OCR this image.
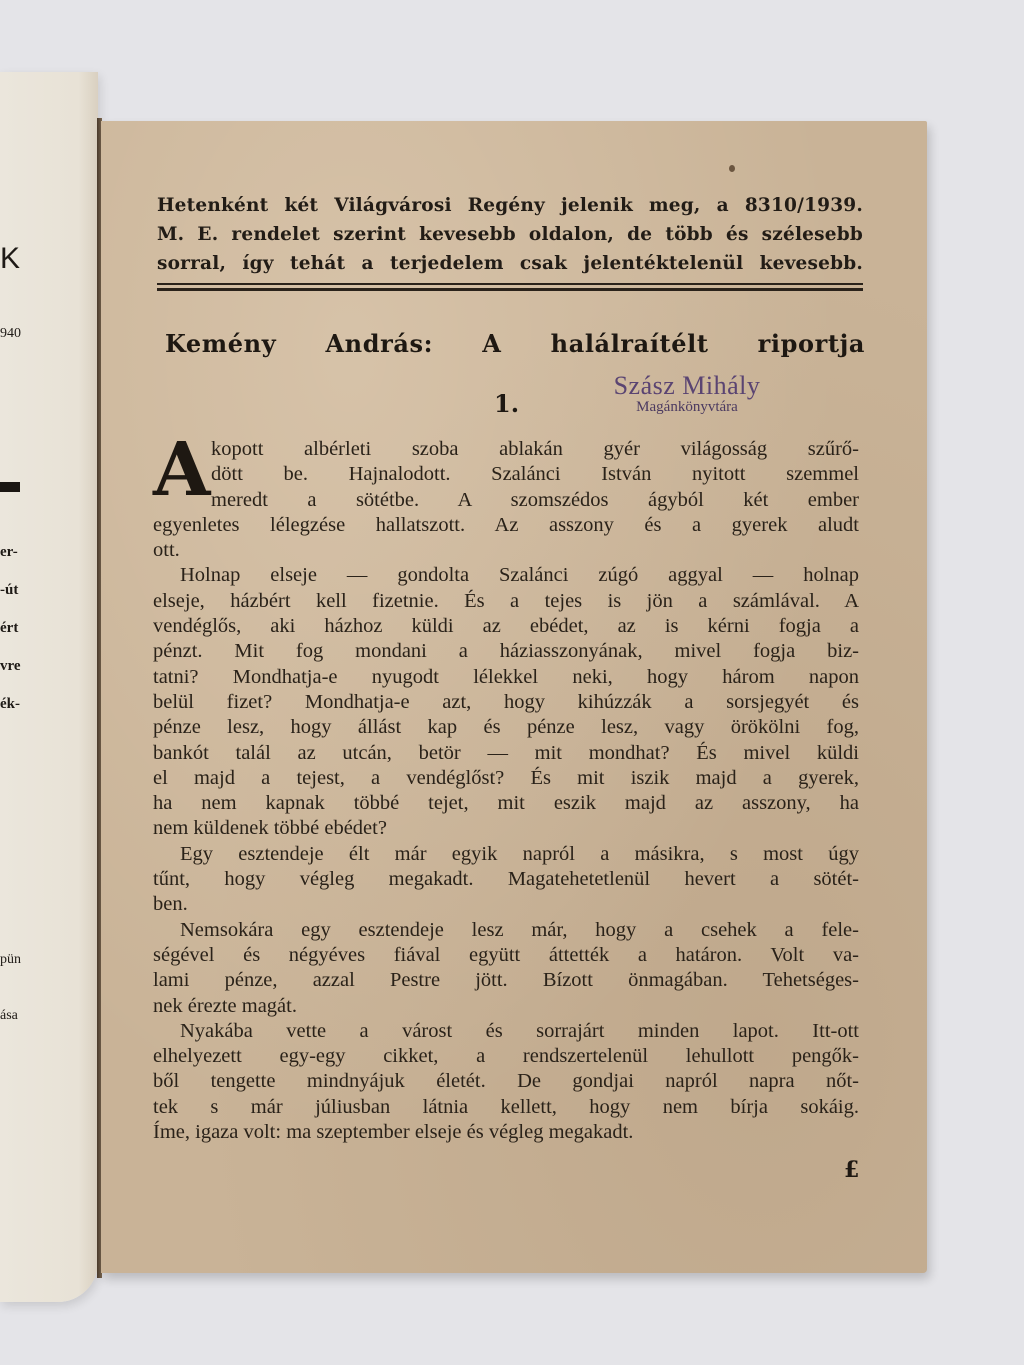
K
940
er-
-út
ért
vre
ék-
pün
ása
Hetenként két Világvárosi Regény jelenik meg, a 8310/1939.
M. E. rendelet szerint kevesebb oldalon, de több és szélesebb
sorral, így tehát a terjedelem csak jelentéktelenül kevesebb.
Kemény András: A halálraítélt riportja
1.
Szász Mihály
Magánkönyvtára
A kopott albérleti szoba ablakán gyér világosság szűrő-
dött be. Hajnalodott. Szalánci István nyitott szemmel
meredt a sötétbe. A szomszédos ágyból két ember
egyenletes lélegzése hallatszott. Az asszony és a gyerek aludt
ott.
Holnap elseje — gondolta Szalánci zúgó aggyal — holnap
elseje, házbért kell fizetnie. És a tejes is jön a számlával. A
vendéglős, aki házhoz küldi az ebédet, az is kérni fogja a
pénzt. Mit fog mondani a háziasszonyának, mivel fogja biz-
tatni? Mondhatja-e nyugodt lélekkel neki, hogy három napon
belül fizet? Mondhatja-e azt, hogy kihúzzák a sorsjegyét és
pénze lesz, hogy állást kap és pénze lesz, vagy örökölni fog,
bankót talál az utcán, betör — mit mondhat? És mivel küldi
el majd a tejest, a vendéglőst? És mit iszik majd a gyerek,
ha nem kapnak többé tejet, mit eszik majd az asszony, ha
nem küldenek többé ebédet?
Egy esztendeje élt már egyik napról a másikra, s most úgy
tűnt, hogy végleg megakadt. Magatehetetlenül hevert a sötét-
ben.
Nemsokára egy esztendeje lesz már, hogy a csehek a fele-
ségével és négyéves fiával együtt áttették a határon. Volt va-
lami pénze, azzal Pestre jött. Bízott önmagában. Tehetséges-
nek érezte magát.
Nyakába vette a várost és sorrajárt minden lapot. Itt-ott
elhelyezett egy-egy cikket, a rendszertelenül lehullott pengők-
ből tengette mindnyájuk életét. De gondjai napról napra nőt-
tek s már júliusban látnia kellett, hogy nem bírja sokáig.
Íme, igaza volt: ma szeptember elseje és végleg megakadt.
£
